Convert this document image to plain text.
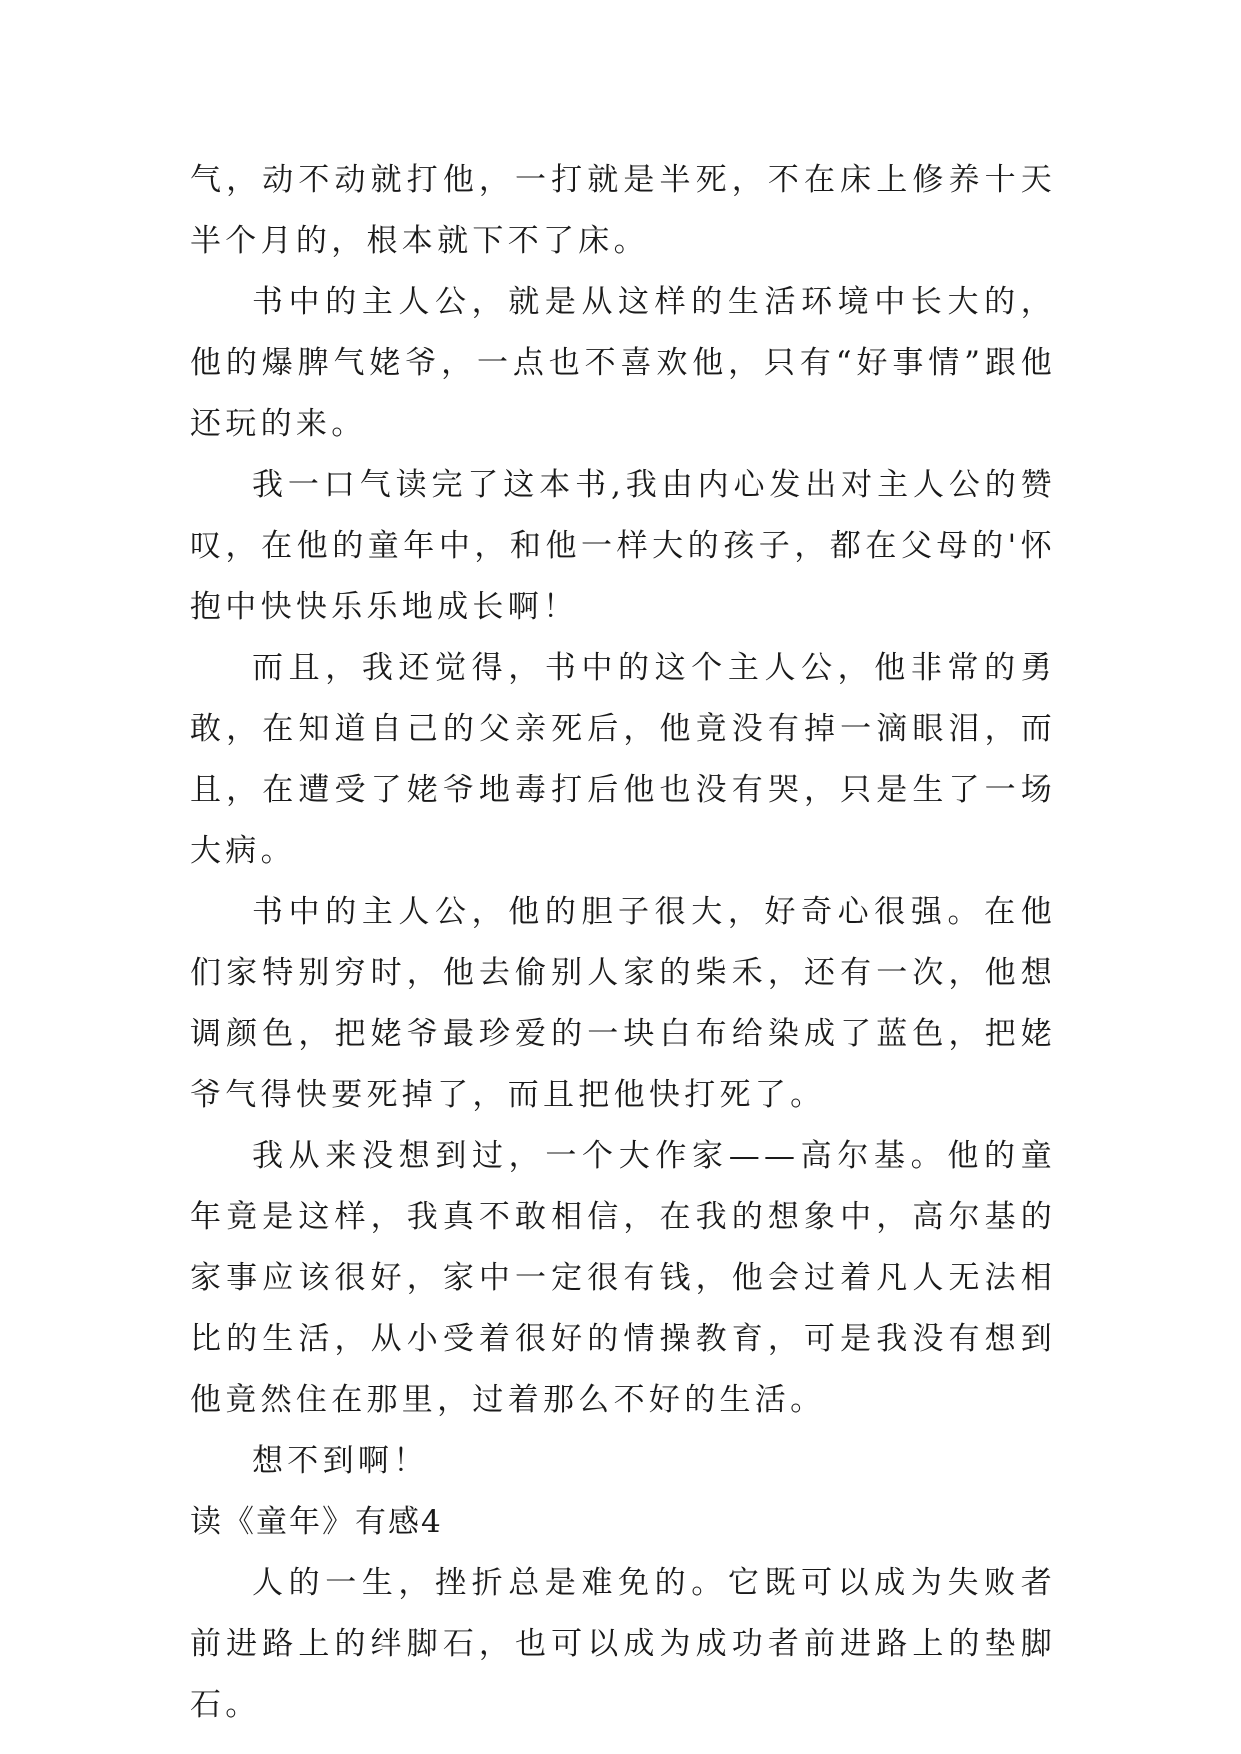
气，动不动就打他，一打就是半死，不在床上修养十天半个月的，根本就下不了床。

书中的主人公，就是从这样的生活环境中长大的，他的爆脾气姥爷，一点也不喜欢他，只有“好事情”跟他还玩的来。

我一口气读完了这本书,我由内心发出对主人公的赞叹，在他的童年中，和他一样大的孩子，都在父母的'怀抱中快快乐乐地成长啊！

而且，我还觉得，书中的这个主人公，他非常的勇敢，在知道自己的父亲死后，他竟没有掉一滴眼泪，而且，在遭受了姥爷地毒打后他也没有哭，只是生了一场大病。

书中的主人公，他的胆子很大，好奇心很强。在他们家特别穷时，他去偷别人家的柴禾，还有一次，他想调颜色，把姥爷最珍爱的一块白布给染成了蓝色，把姥爷气得快要死掉了，而且把他快打死了。

我从来没想到过，一个大作家——高尔基。他的童年竟是这样，我真不敢相信，在我的想象中，高尔基的家事应该很好，家中一定很有钱，他会过着凡人无法相比的生活，从小受着很好的情操教育，可是我没有想到他竟然住在那里，过着那么不好的生活。

想不到啊！

读《童年》有感4

人的一生，挫折总是难免的。它既可以成为失败者前进路上的绊脚石，也可以成为成功者前进路上的垫脚石。
